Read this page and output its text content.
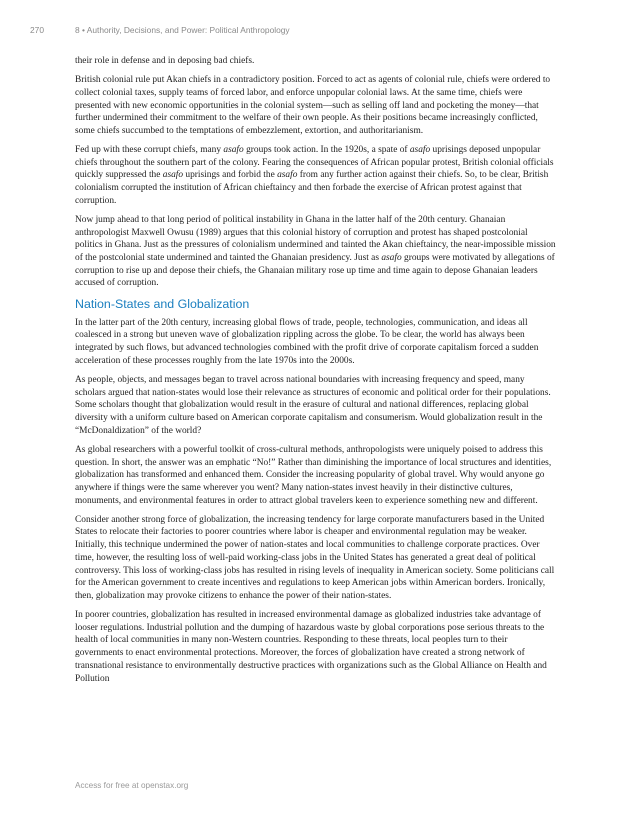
270	8 • Authority, Decisions, and Power: Political Anthropology

their role in defense and in deposing bad chiefs.

British colonial rule put Akan chiefs in a contradictory position. Forced to act as agents of colonial rule, chiefs were ordered to collect colonial taxes, supply teams of forced labor, and enforce unpopular colonial laws. At the same time, chiefs were presented with new economic opportunities in the colonial system—such as selling off land and pocketing the money—that further undermined their commitment to the welfare of their own people. As their positions became increasingly conflicted, some chiefs succumbed to the temptations of embezzlement, extortion, and authoritarianism.

Fed up with these corrupt chiefs, many asafo groups took action. In the 1920s, a spate of asafo uprisings deposed unpopular chiefs throughout the southern part of the colony. Fearing the consequences of African popular protest, British colonial officials quickly suppressed the asafo uprisings and forbid the asafo from any further action against their chiefs. So, to be clear, British colonialism corrupted the institution of African chieftaincy and then forbade the exercise of African protest against that corruption.

Now jump ahead to that long period of political instability in Ghana in the latter half of the 20th century. Ghanaian anthropologist Maxwell Owusu (1989) argues that this colonial history of corruption and protest has shaped postcolonial politics in Ghana. Just as the pressures of colonialism undermined and tainted the Akan chieftaincy, the near-impossible mission of the postcolonial state undermined and tainted the Ghanaian presidency. Just as asafo groups were motivated by allegations of corruption to rise up and depose their chiefs, the Ghanaian military rose up time and time again to depose Ghanaian leaders accused of corruption.

Nation-States and Globalization

In the latter part of the 20th century, increasing global flows of trade, people, technologies, communication, and ideas all coalesced in a strong but uneven wave of globalization rippling across the globe. To be clear, the world has always been integrated by such flows, but advanced technologies combined with the profit drive of corporate capitalism forced a sudden acceleration of these processes roughly from the late 1970s into the 2000s.

As people, objects, and messages began to travel across national boundaries with increasing frequency and speed, many scholars argued that nation-states would lose their relevance as structures of economic and political order for their populations. Some scholars thought that globalization would result in the erasure of cultural and national differences, replacing global diversity with a uniform culture based on American corporate capitalism and consumerism. Would globalization result in the “McDonaldization” of the world?

As global researchers with a powerful toolkit of cross-cultural methods, anthropologists were uniquely poised to address this question. In short, the answer was an emphatic “No!” Rather than diminishing the importance of local structures and identities, globalization has transformed and enhanced them. Consider the increasing popularity of global travel. Why would anyone go anywhere if things were the same wherever you went? Many nation-states invest heavily in their distinctive cultures, monuments, and environmental features in order to attract global travelers keen to experience something new and different.

Consider another strong force of globalization, the increasing tendency for large corporate manufacturers based in the United States to relocate their factories to poorer countries where labor is cheaper and environmental regulation may be weaker. Initially, this technique undermined the power of nation-states and local communities to challenge corporate practices. Over time, however, the resulting loss of well-paid working-class jobs in the United States has generated a great deal of political controversy. This loss of working-class jobs has resulted in rising levels of inequality in American society. Some politicians call for the American government to create incentives and regulations to keep American jobs within American borders. Ironically, then, globalization may provoke citizens to enhance the power of their nation-states.

In poorer countries, globalization has resulted in increased environmental damage as globalized industries take advantage of looser regulations. Industrial pollution and the dumping of hazardous waste by global corporations pose serious threats to the health of local communities in many non-Western countries. Responding to these threats, local peoples turn to their governments to enact environmental protections. Moreover, the forces of globalization have created a strong network of transnational resistance to environmentally destructive practices with organizations such as the Global Alliance on Health and Pollution

Access for free at openstax.org
